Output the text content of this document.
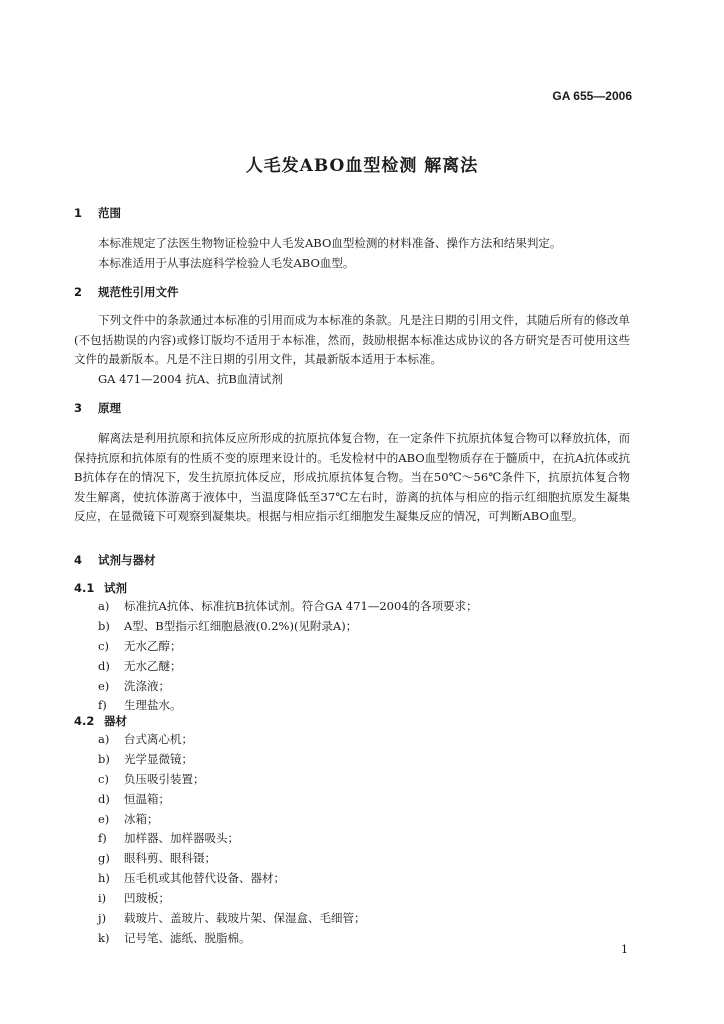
GA 655—2006
人毛发ABO血型检测 解离法
1 范围
本标准规定了法医生物物证检验中人毛发ABO血型检测的材料准备、操作方法和结果判定。
本标准适用于从事法庭科学检验人毛发ABO血型。
2 规范性引用文件
下列文件中的条款通过本标准的引用而成为本标准的条款。凡是注日期的引用文件，其随后所有的修改单(不包括勘误的内容)或修订版均不适用于本标准，然而，鼓励根据本标准达成协议的各方研究是否可使用这些文件的最新版本。凡是不注日期的引用文件，其最新版本适用于本标准。
GA 471—2004 抗A、抗B血清试剂
3 原理
解离法是利用抗原和抗体反应所形成的抗原抗体复合物，在一定条件下抗原抗体复合物可以释放抗体，而保持抗原和抗体原有的性质不变的原理来设计的。毛发检材中的ABO血型物质存在于髓质中，在抗A抗体或抗B抗体存在的情况下，发生抗原抗体反应，形成抗原抗体复合物。当在50℃～56℃条件下，抗原抗体复合物发生解离，使抗体游离于液体中，当温度降低至37℃左右时，游离的抗体与相应的指示红细胞抗原发生凝集反应，在显微镜下可观察到凝集块。根据与相应指示红细胞发生凝集反应的情况，可判断ABO血型。
4 试剂与器材
4.1 试剂
a) 标准抗A抗体、标准抗B抗体试剂。符合GA 471—2004的各项要求；
b) A型、B型指示红细胞悬液(0.2%)(见附录A)；
c) 无水乙醇；
d) 无水乙醚；
e) 洗涤液；
f) 生理盐水。
4.2 器材
a) 台式离心机；
b) 光学显微镜；
c) 负压吸引装置；
d) 恒温箱；
e) 冰箱；
f) 加样器、加样器吸头；
g) 眼科剪、眼科镊；
h) 压毛机或其他替代设备、器材；
i) 凹玻板；
j) 载玻片、盖玻片、载玻片架、保湿盒、毛细管；
k) 记号笔、滤纸、脱脂棉。
1
